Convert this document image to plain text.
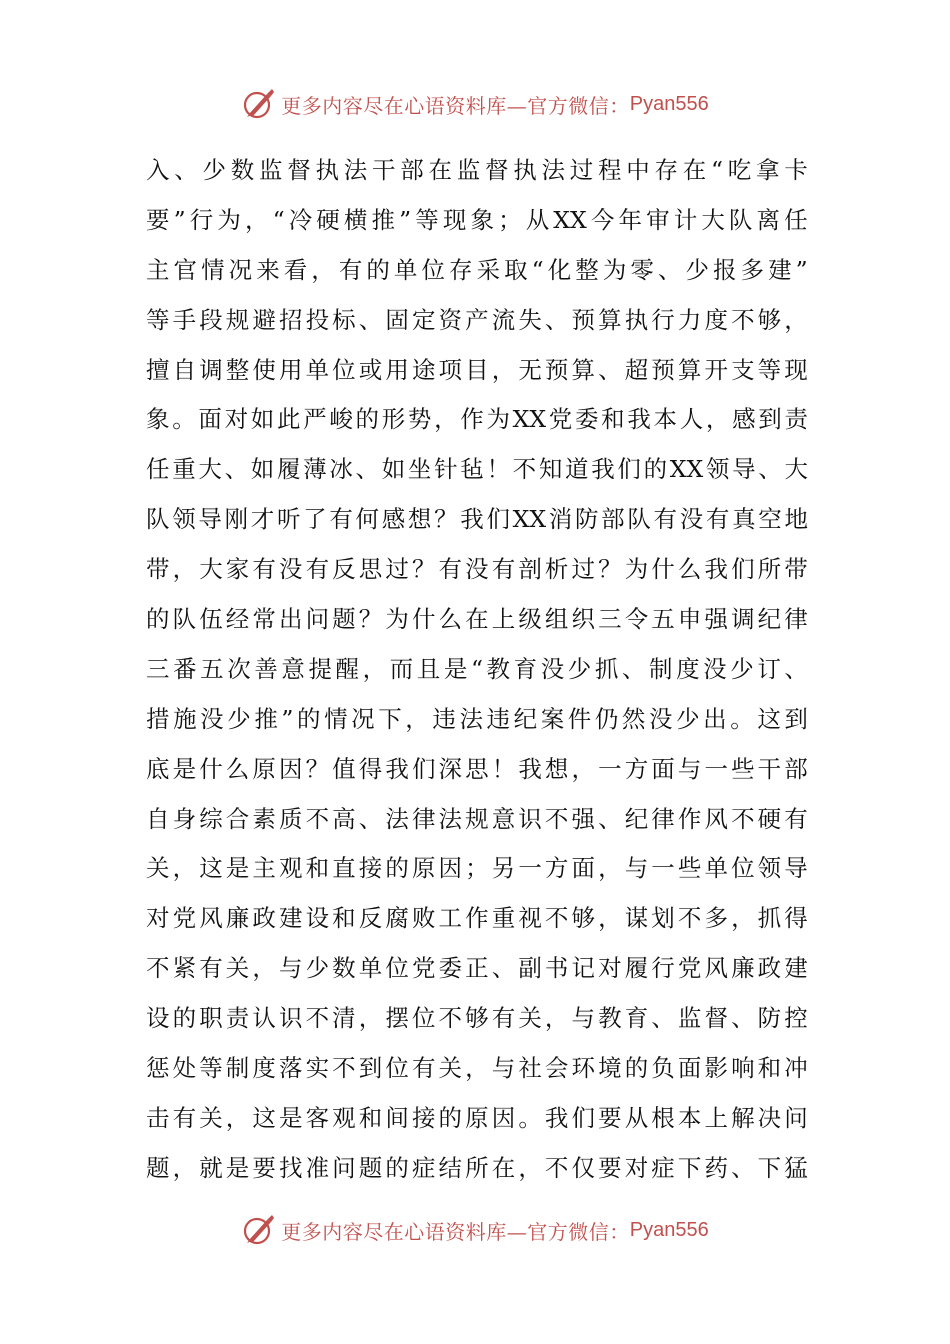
更多内容尽在心语资料库—官方微信： Pyan556
入 、 少 数 监 督 执 法 干 部 在 监 督 执 法 过 程 中 存 在 “ 吃 拿 卡
要 ” 行 为 ， “ 冷 硬 横 推 ” 等 现 象 ； 从 XX 今 年 审 计 大 队 离 任
主 官 情 况 来 看 ， 有 的 单 位 存 采 取 “ 化 整 为 零 、 少 报 多 建 ”
等 手 段 规 避 招 投 标 、 固 定 资 产 流 失 、 预 算 执 行 力 度 不 够 ，
擅 自 调 整 使 用 单 位 或 用 途 项 目 ， 无 预 算 、 超 预 算 开 支 等 现
象 。 面 对 如 此 严 峻 的 形 势 ， 作 为 XX 党 委 和 我 本 人 ， 感 到 责
任 重 大 、 如 履 薄 冰 、 如 坐 针 毡 ！ 不 知 道 我 们 的 XX 领 导 、 大
队 领 导 刚 才 听 了 有 何 感 想 ？ 我 们 XX 消 防 部 队 有 没 有 真 空 地
带 ， 大 家 有 没 有 反 思 过 ？ 有 没 有 剖 析 过 ？ 为 什 么 我 们 所 带
的 队 伍 经 常 出 问 题 ？ 为 什 么 在 上 级 组 织 三 令 五 申 强 调 纪 律
三 番 五 次 善 意 提 醒 ， 而 且 是 “ 教 育 没 少 抓 、 制 度 没 少 订 、
措 施 没 少 推 ” 的 情 况 下 ， 违 法 违 纪 案 件 仍 然 没 少 出 。 这 到
底 是 什 么 原 因 ？ 值 得 我 们 深 思 ！ 我 想 ， 一 方 面 与 一 些 干 部
自 身 综 合 素 质 不 高 、 法 律 法 规 意 识 不 强 、 纪 律 作 风 不 硬 有
关 ， 这 是 主 观 和 直 接 的 原 因 ； 另 一 方 面 ， 与 一 些 单 位 领 导
对 党 风 廉 政 建 设 和 反 腐 败 工 作 重 视 不 够 ， 谋 划 不 多 ， 抓 得
不 紧 有 关 ， 与 少 数 单 位 党 委 正 、 副 书 记 对 履 行 党 风 廉 政 建
设 的 职 责 认 识 不 清 ， 摆 位 不 够 有 关 ， 与 教 育 、 监 督 、 防 控
惩 处 等 制 度 落 实 不 到 位 有 关 ， 与 社 会 环 境 的 负 面 影 响 和 冲
击 有 关 ， 这 是 客 观 和 间 接 的 原 因 。 我 们 要 从 根 本 上 解 决 问
题 ， 就 是 要 找 准 问 题 的 症 结 所 在 ， 不 仅 要 对 症 下 药 、 下 猛
更多内容尽在心语资料库—官方微信： Pyan556
